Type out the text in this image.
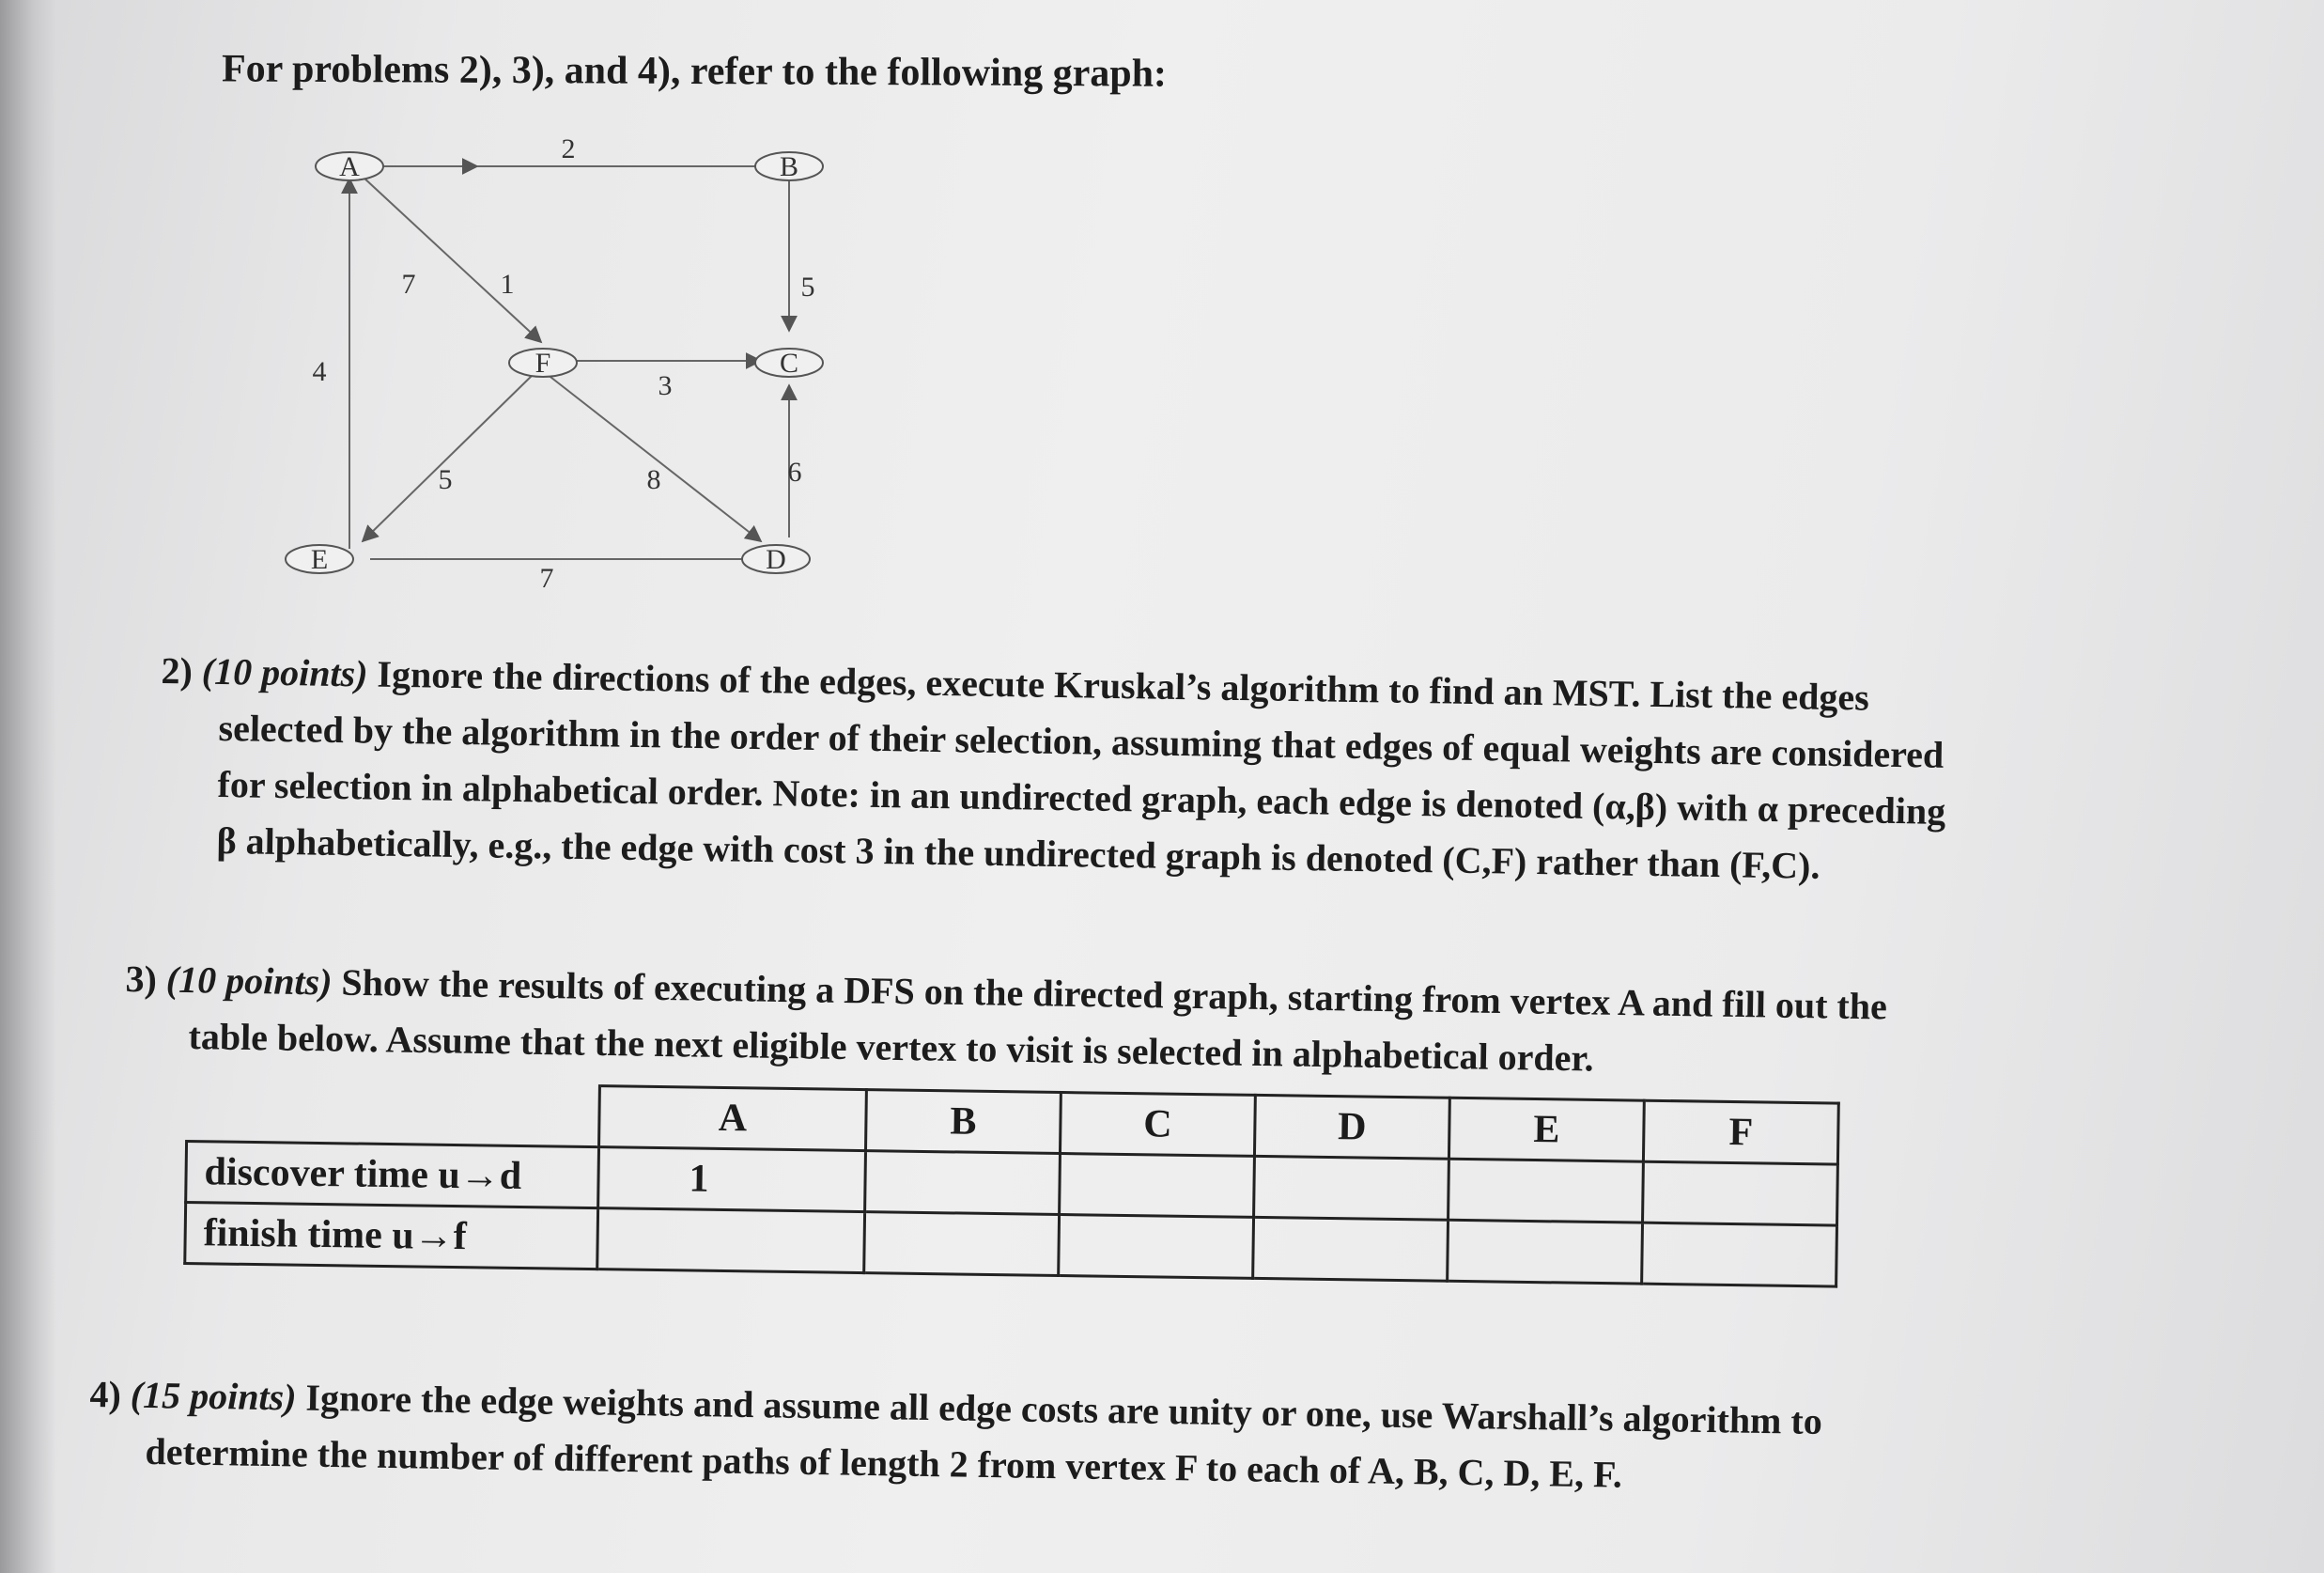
For problems 2), 3), and 4), refer to the following graph:
A	B
C
D
E
F
2
4
7	1	5
3
5	8	6
7
2) (10 points) Ignore the directions of the edges, execute Kruskal’s algorithm to find an MST. List the edges
selected by the algorithm in the order of their selection, assuming that edges of equal weights are considered
for selection in alphabetical order. Note: in an undirected graph, each edge is denoted (α,β) with α preceding
β alphabetically, e.g., the edge with cost 3 in the undirected graph is denoted (C,F) rather than (F,C).
3) (10 points) Show the results of executing a DFS on the directed graph, starting from vertex A and fill out the
table below. Assume that the next eligible vertex to visit is selected in alphabetical order.
	A	B	C	D	E	F
discover time u→d	1					
finish time u→f						
4) (15 points) Ignore the edge weights and assume all edge costs are unity or one, use Warshall’s algorithm to
determine the number of different paths of length 2 from vertex F to each of A, B, C, D, E, F.
